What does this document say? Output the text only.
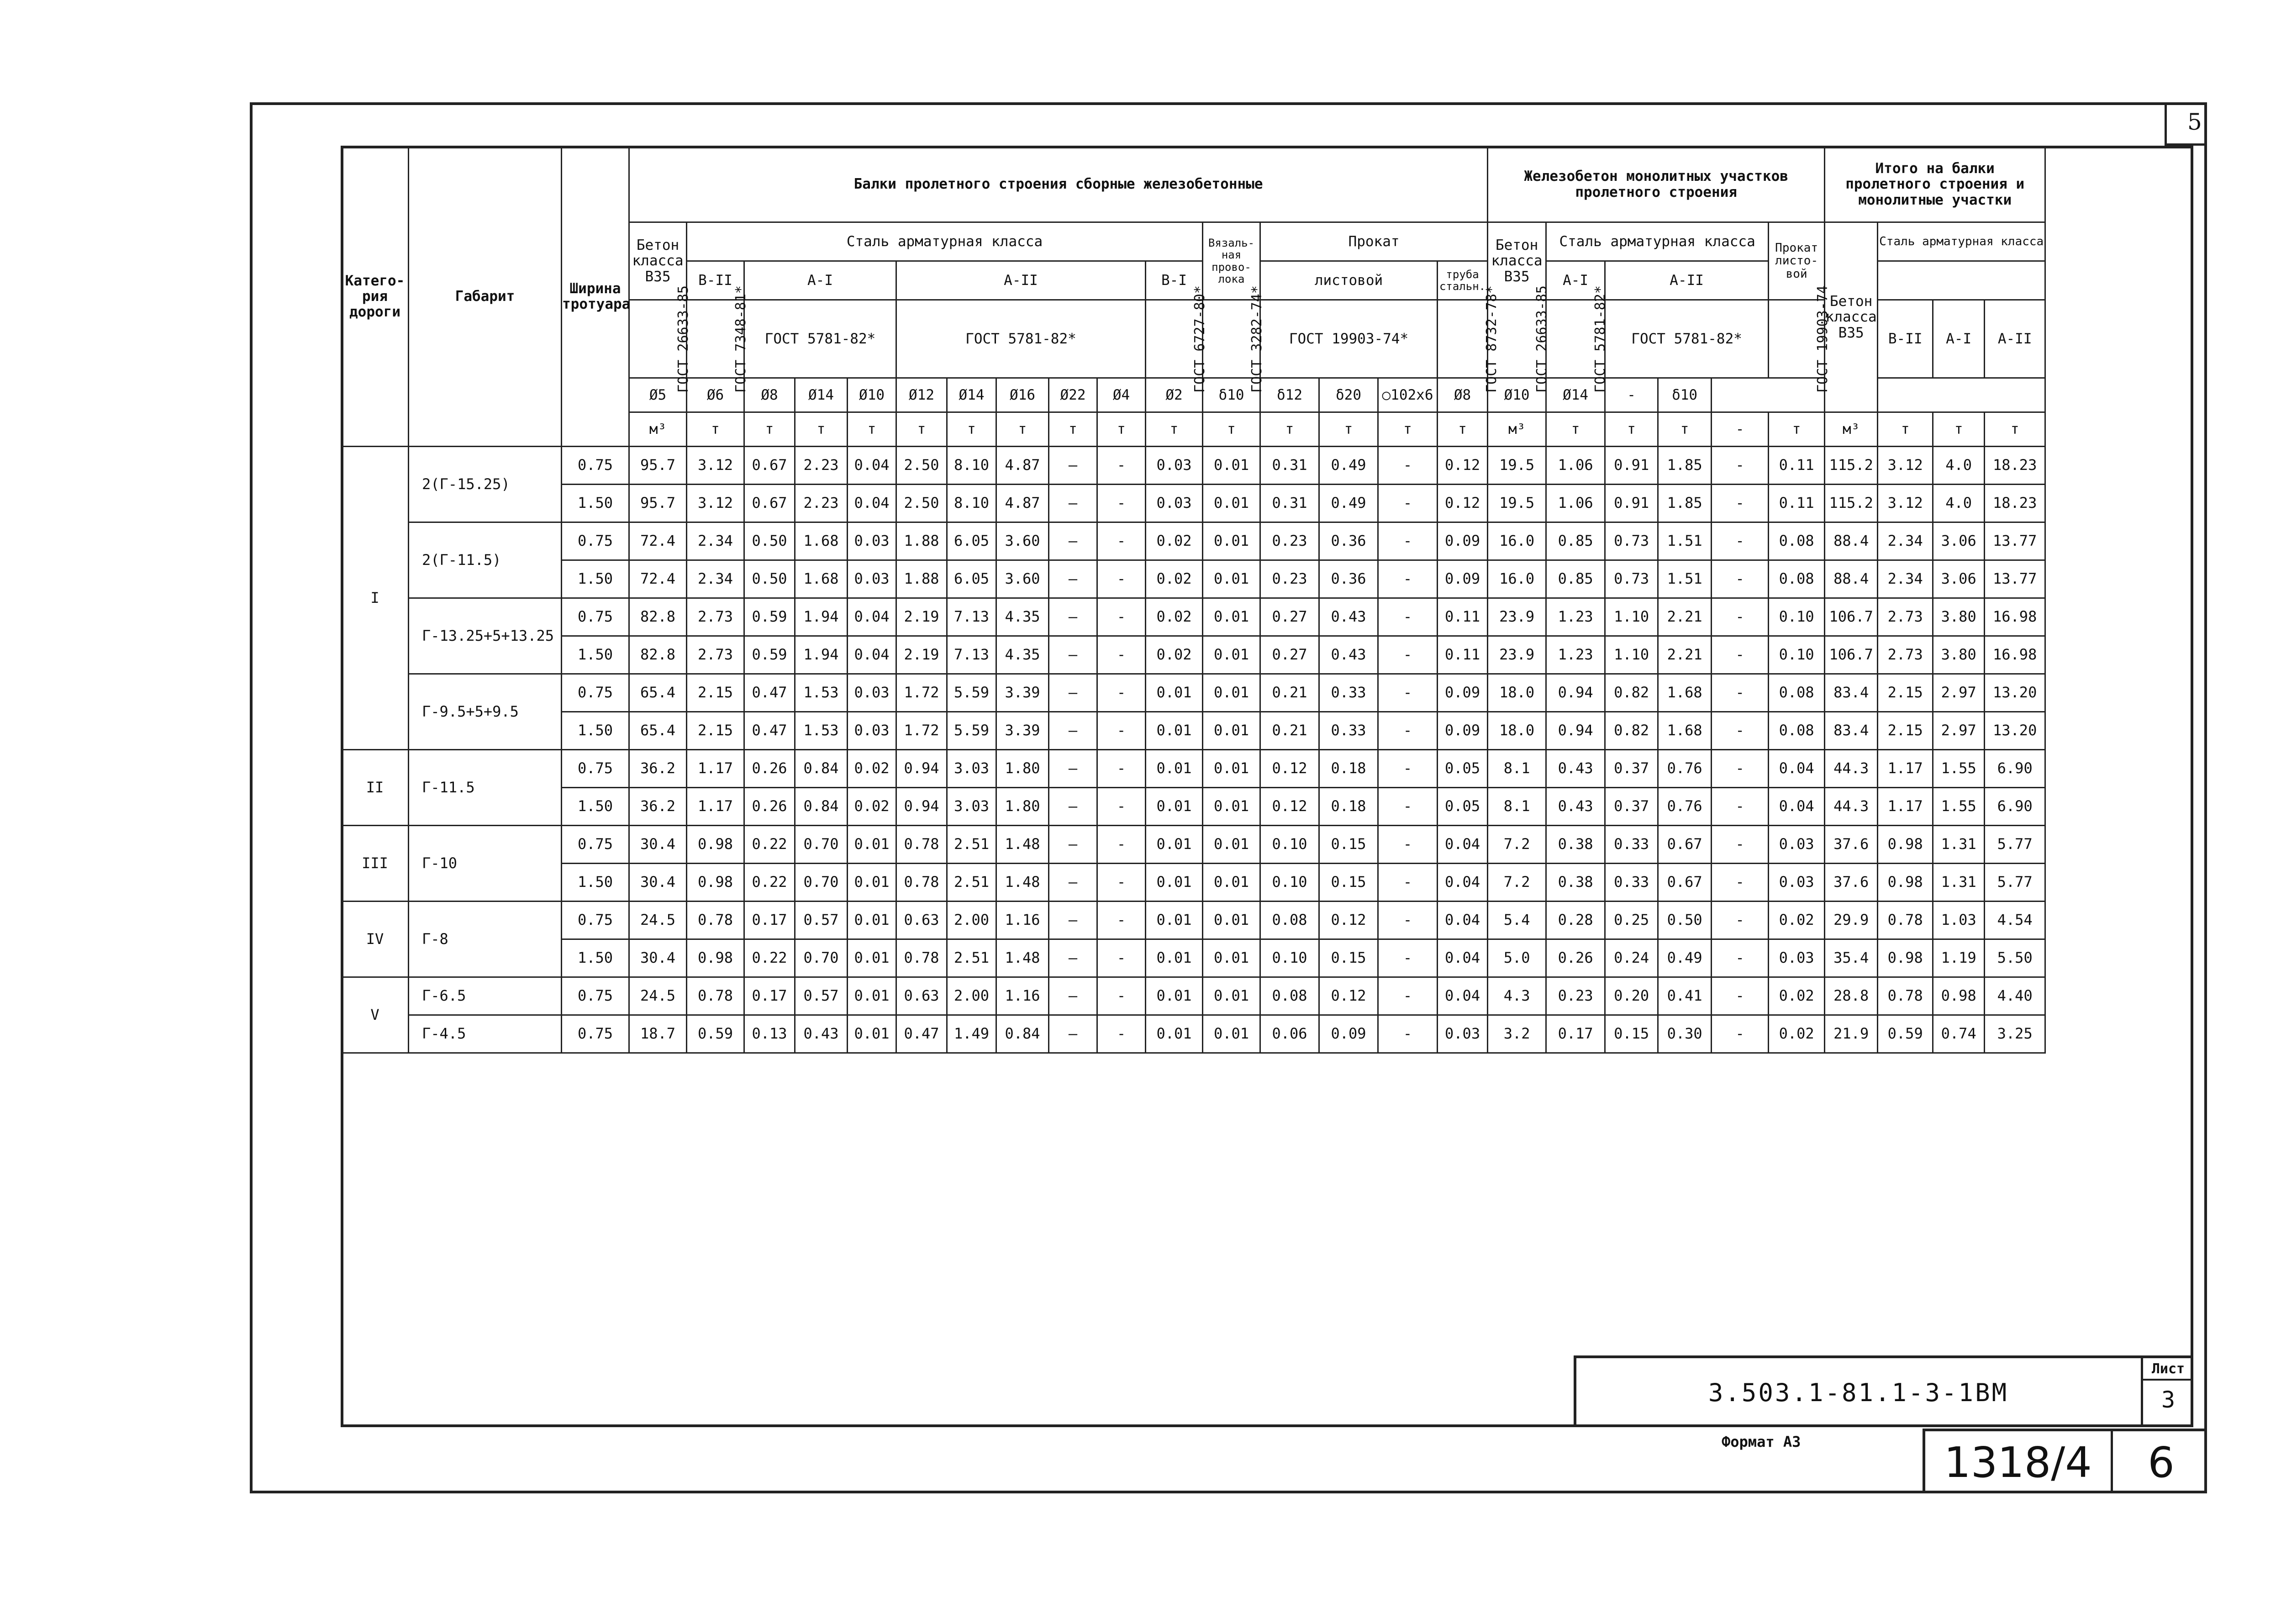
5
Катего-
рия
дороги	Габарит	Ширина
тротуара	Балки пролетного строения сборные железобетонные																Железобетон монолитных участков пролетного строения						Итого на балки пролетного строения и монолитные участки				
			Бетон класса В35	Сталь арматурная класса										Вязаль-ная прово-лока	Прокат				Бетон класса В35	Сталь арматурная класса				Прокат листо-вой	Бетон класса В35	Сталь арматурная класса		
				В-II	А-I			А-II					В-I		листовой			труба стальн.		А-I	А-II								
			ГОСТ 26633-85	ГОСТ 7348-81*	ГОСТ 5781-82*			ГОСТ 5781-82*					ГОСТ 6727-80*	ГОСТ 3282-74*	ГОСТ 19903-74*			ГОСТ 8732-78*	ГОСТ 26633-85	ГОСТ 5781-82*	ГОСТ 5781-82*			ГОСТ 19903-74		В-II	А-I	А-II	
			Ø5	Ø6	Ø8	Ø14	Ø10	Ø12	Ø14	Ø16	Ø22	Ø4	Ø2	δ10	δ12	δ20	○102х6	Ø8	Ø10	Ø14	-	δ10							
			м³	т	т	т	т	т	т	т	т	т	т	т	т	т	т	т	м³	т	т	т	-	т	м³	т	т	т		
I	2(Г-15.25)	0.75	95.7	3.12	0.67	2.23	0.04	2.50	8.10	4.87	–	-	0.03	0.01	0.31	0.49	-	0.12	19.5	1.06	0.91	1.85	-	0.11	115.2	3.12	4.0	18.23		
		1.50	95.7	3.12	0.67	2.23	0.04	2.50	8.10	4.87	–	-	0.03	0.01	0.31	0.49	-	0.12	19.5	1.06	0.91	1.85	-	0.11	115.2	3.12	4.0	18.23		
	2(Г-11.5)	0.75	72.4	2.34	0.50	1.68	0.03	1.88	6.05	3.60	–	-	0.02	0.01	0.23	0.36	-	0.09	16.0	0.85	0.73	1.51	-	0.08	88.4	2.34	3.06	13.77		
		1.50	72.4	2.34	0.50	1.68	0.03	1.88	6.05	3.60	–	-	0.02	0.01	0.23	0.36	-	0.09	16.0	0.85	0.73	1.51	-	0.08	88.4	2.34	3.06	13.77		
	Г-13.25+5+13.25	0.75	82.8	2.73	0.59	1.94	0.04	2.19	7.13	4.35	–	-	0.02	0.01	0.27	0.43	-	0.11	23.9	1.23	1.10	2.21	-	0.10	106.7	2.73	3.80	16.98		
		1.50	82.8	2.73	0.59	1.94	0.04	2.19	7.13	4.35	–	-	0.02	0.01	0.27	0.43	-	0.11	23.9	1.23	1.10	2.21	-	0.10	106.7	2.73	3.80	16.98		
	Г-9.5+5+9.5	0.75	65.4	2.15	0.47	1.53	0.03	1.72	5.59	3.39	–	-	0.01	0.01	0.21	0.33	-	0.09	18.0	0.94	0.82	1.68	-	0.08	83.4	2.15	2.97	13.20		
		1.50	65.4	2.15	0.47	1.53	0.03	1.72	5.59	3.39	–	-	0.01	0.01	0.21	0.33	-	0.09	18.0	0.94	0.82	1.68	-	0.08	83.4	2.15	2.97	13.20		
II	Г-11.5	0.75	36.2	1.17	0.26	0.84	0.02	0.94	3.03	1.80	–	-	0.01	0.01	0.12	0.18	-	0.05	8.1	0.43	0.37	0.76	-	0.04	44.3	1.17	1.55	6.90		
		1.50	36.2	1.17	0.26	0.84	0.02	0.94	3.03	1.80	–	-	0.01	0.01	0.12	0.18	-	0.05	8.1	0.43	0.37	0.76	-	0.04	44.3	1.17	1.55	6.90		
III	Г-10	0.75	30.4	0.98	0.22	0.70	0.01	0.78	2.51	1.48	–	-	0.01	0.01	0.10	0.15	-	0.04	7.2	0.38	0.33	0.67	-	0.03	37.6	0.98	1.31	5.77		
		1.50	30.4	0.98	0.22	0.70	0.01	0.78	2.51	1.48	–	-	0.01	0.01	0.10	0.15	-	0.04	7.2	0.38	0.33	0.67	-	0.03	37.6	0.98	1.31	5.77		
IV	Г-8	0.75	24.5	0.78	0.17	0.57	0.01	0.63	2.00	1.16	–	-	0.01	0.01	0.08	0.12	-	0.04	5.4	0.28	0.25	0.50	-	0.02	29.9	0.78	1.03	4.54		
		1.50	30.4	0.98	0.22	0.70	0.01	0.78	2.51	1.48	–	-	0.01	0.01	0.10	0.15	-	0.04	5.0	0.26	0.24	0.49	-	0.03	35.4	0.98	1.19	5.50		
V	Г-6.5	0.75	24.5	0.78	0.17	0.57	0.01	0.63	2.00	1.16	–	-	0.01	0.01	0.08	0.12	-	0.04	4.3	0.23	0.20	0.41	-	0.02	28.8	0.78	0.98	4.40		
	Г-4.5	0.75	18.7	0.59	0.13	0.43	0.01	0.47	1.49	0.84	–	-	0.01	0.01	0.06	0.09	-	0.03	3.2	0.17	0.15	0.30	-	0.02	21.9	0.59	0.74	3.25		
3.503.1-81.1-3-1ВМ
Лист
3
Формат А3	1318/4	6
